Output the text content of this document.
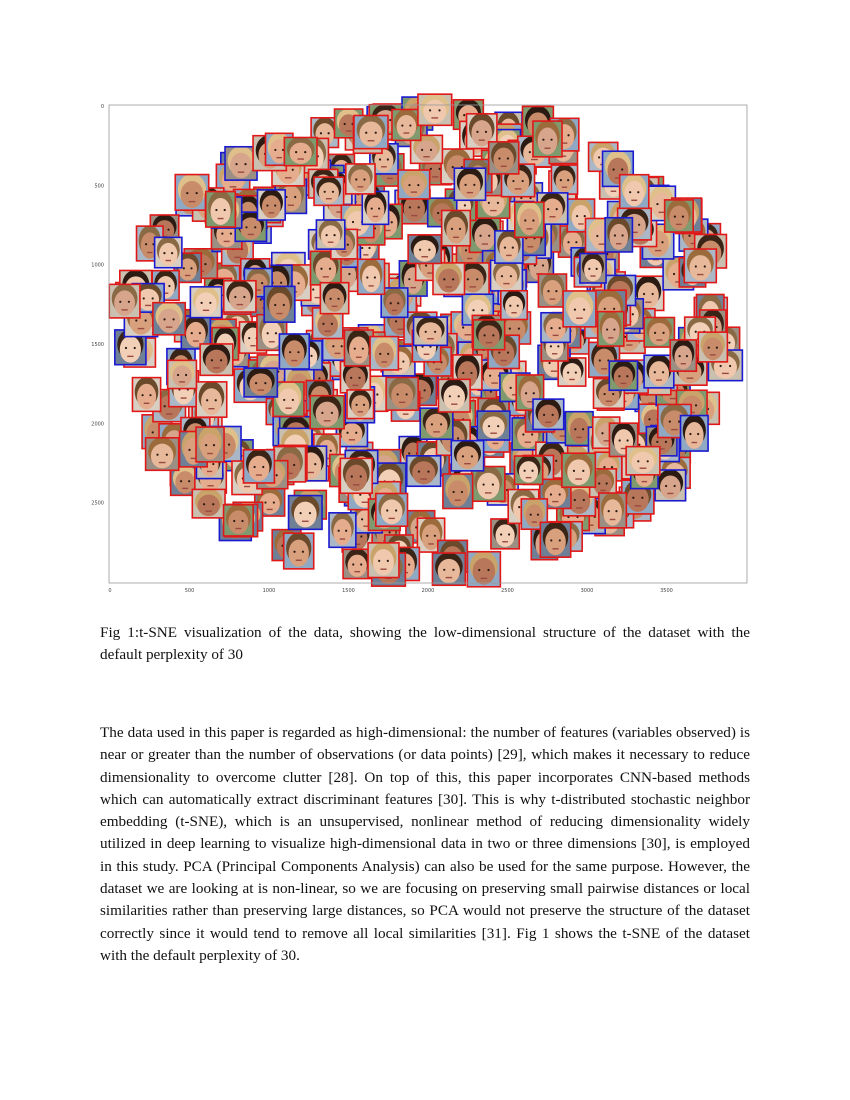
0	500	1000	1500	2000	2500	3000	3500
0
500
1000
1500
2000
2500

Fig 1:t-SNE visualization of the data, showing the low-dimensional structure of the dataset with the default perplexity of 30

The data used in this paper is regarded as high-dimensional: the number of features (variables observed) is near or greater than the number of observations (or data points) [29], which makes it necessary to reduce dimensionality to overcome clutter [28]. On top of this, this paper incorporates CNN-based methods which can automatically extract discriminant features [30]. This is why t-distributed stochastic neighbor embedding (t-SNE), which is an unsupervised, nonlinear method of reducing dimensionality widely utilized in deep learning to visualize high-dimensional data in two or three dimensions [30], is employed in this study. PCA (Principal Components Analysis) can also be used for the same purpose. However, the dataset we are looking at is non-linear, so we are focusing on preserving small pairwise distances or local similarities rather than preserving large distances, so PCA would not preserve the structure of the dataset correctly since it would tend to remove all local similarities [31]. Fig 1 shows the t-SNE of the dataset with the default perplexity of 30.
